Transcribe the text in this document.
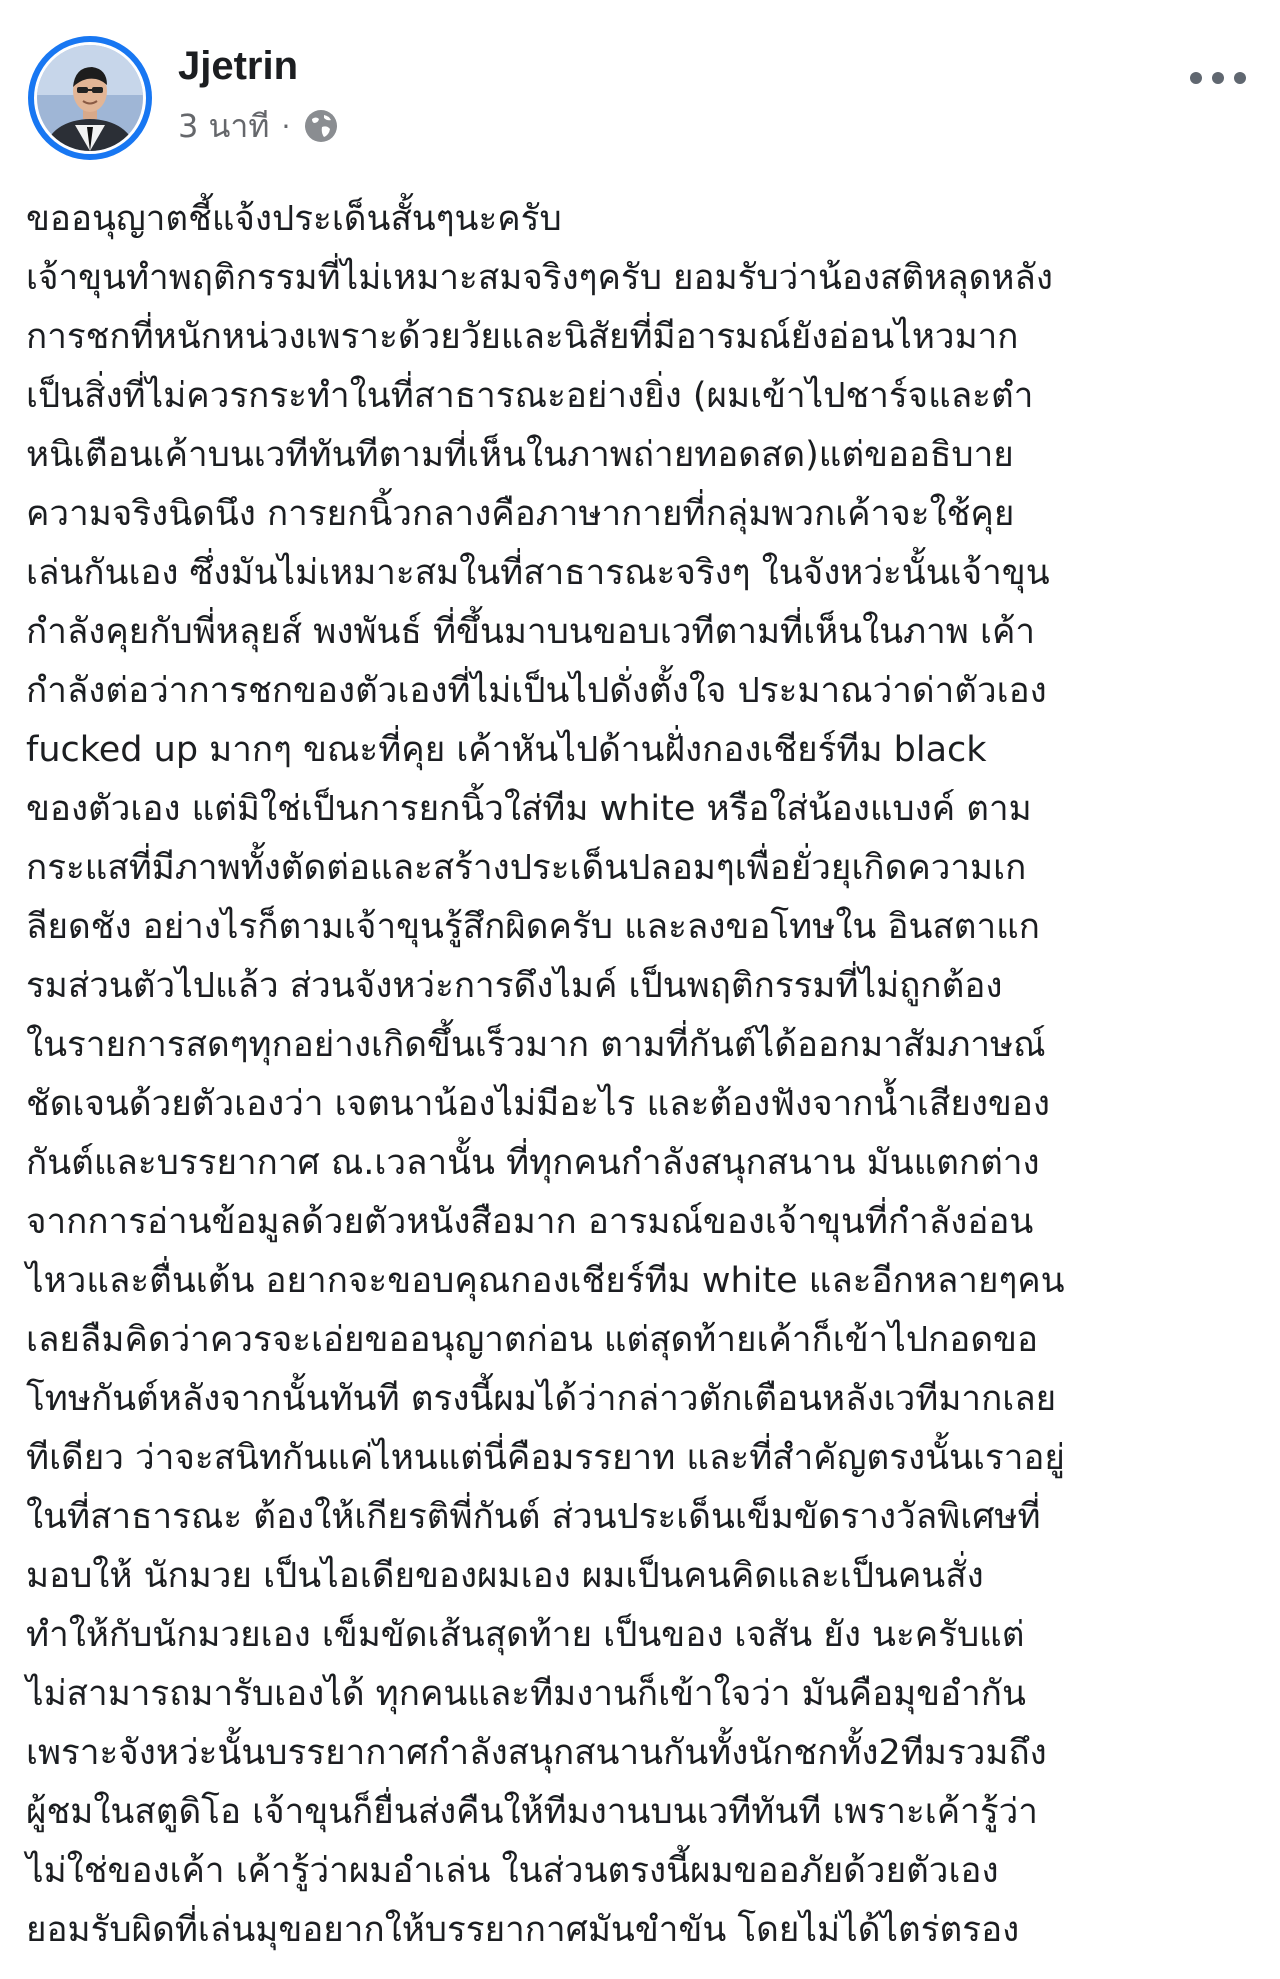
Jjetrin
3 นาที ·
ขออนุญาตชี้แจ้งประเด็นสั้นๆนะครับ
เจ้าขุนทำพฤติกรรมที่ไม่เหมาะสมจริงๆครับ ยอมรับว่าน้องสติหลุดหลัง
การชกที่หนักหน่วงเพราะด้วยวัยและนิสัยที่มีอารมณ์ยังอ่อนไหวมาก
เป็นสิ่งที่ไม่ควรกระทำในที่สาธารณะอย่างยิ่ง (ผมเข้าไปชาร์จและตำ
หนิเตือนเค้าบนเวทีทันทีตามที่เห็นในภาพถ่ายทอดสด)แต่ขออธิบาย
ความจริงนิดนึง การยกนิ้วกลางคือภาษากายที่กลุ่มพวกเค้าจะใช้คุย
เล่นกันเอง ซึ่งมันไม่เหมาะสมในที่สาธารณะจริงๆ ในจังหว่ะนั้นเจ้าขุน
กำลังคุยกับพี่หลุยส์ พงพันธ์ ที่ขึ้นมาบนขอบเวทีตามที่เห็นในภาพ เค้า
กำลังต่อว่าการชกของตัวเองที่ไม่เป็นไปดั่งตั้งใจ ประมาณว่าด่าตัวเอง
fucked up มากๆ ขณะที่คุย เค้าหันไปด้านฝั่งกองเชียร์ทีม black
ของตัวเอง แต่มิใช่เป็นการยกนิ้วใส่ทีม white หรือใส่น้องแบงค์ ตาม
กระแสที่มีภาพทั้งตัดต่อและสร้างประเด็นปลอมๆเพื่อยั่วยุเกิดความเก
ลียดชัง อย่างไรก็ตามเจ้าขุนรู้สึกผิดครับ และลงขอโทษใน อินสตาแก
รมส่วนตัวไปแล้ว ส่วนจังหว่ะการดึงไมค์ เป็นพฤติกรรมที่ไม่ถูกต้อง
ในรายการสดๆทุกอย่างเกิดขึ้นเร็วมาก ตามที่กันต์ได้ออกมาสัมภาษณ์
ชัดเจนด้วยตัวเองว่า เจตนาน้องไม่มีอะไร และต้องฟังจากน้ำเสียงของ
กันต์และบรรยากาศ ณ.เวลานั้น ที่ทุกคนกำลังสนุกสนาน มันแตกต่าง
จากการอ่านข้อมูลด้วยตัวหนังสือมาก อารมณ์ของเจ้าขุนที่กำลังอ่อน
ไหวและตื่นเต้น อยากจะขอบคุณกองเชียร์ทีม white และอีกหลายๆคน
เลยลืมคิดว่าควรจะเอ่ยขออนุญาตก่อน แต่สุดท้ายเค้าก็เข้าไปกอดขอ
โทษกันต์หลังจากนั้นทันที ตรงนี้ผมได้ว่ากล่าวตักเตือนหลังเวทีมากเลย
ทีเดียว ว่าจะสนิทกันแค่ไหนแต่นี่คือมรรยาท และที่สำคัญตรงนั้นเราอยู่
ในที่สาธารณะ ต้องให้เกียรติพี่กันต์ ส่วนประเด็นเข็มขัดรางวัลพิเศษที่
มอบให้ นักมวย เป็นไอเดียของผมเอง ผมเป็นคนคิดและเป็นคนสั่ง
ทำให้กับนักมวยเอง เข็มขัดเส้นสุดท้าย เป็นของ เจสัน ยัง นะครับแต่
ไม่สามารถมารับเองได้ ทุกคนและทีมงานก็เข้าใจว่า มันคือมุขอำกัน
เพราะจังหว่ะนั้นบรรยากาศกำลังสนุกสนานกันทั้งนักชกทั้ง2ทีมรวมถึง
ผู้ชมในสตูดิโอ เจ้าขุนก็ยื่นส่งคืนให้ทีมงานบนเวทีทันที เพราะเค้ารู้ว่า
ไม่ใช่ของเค้า เค้ารู้ว่าผมอำเล่น ในส่วนตรงนี้ผมขออภัยด้วยตัวเอง
ยอมรับผิดที่เล่นมุขอยากให้บรรยากาศมันขำขัน โดยไม่ได้ไตร่ตรอง
